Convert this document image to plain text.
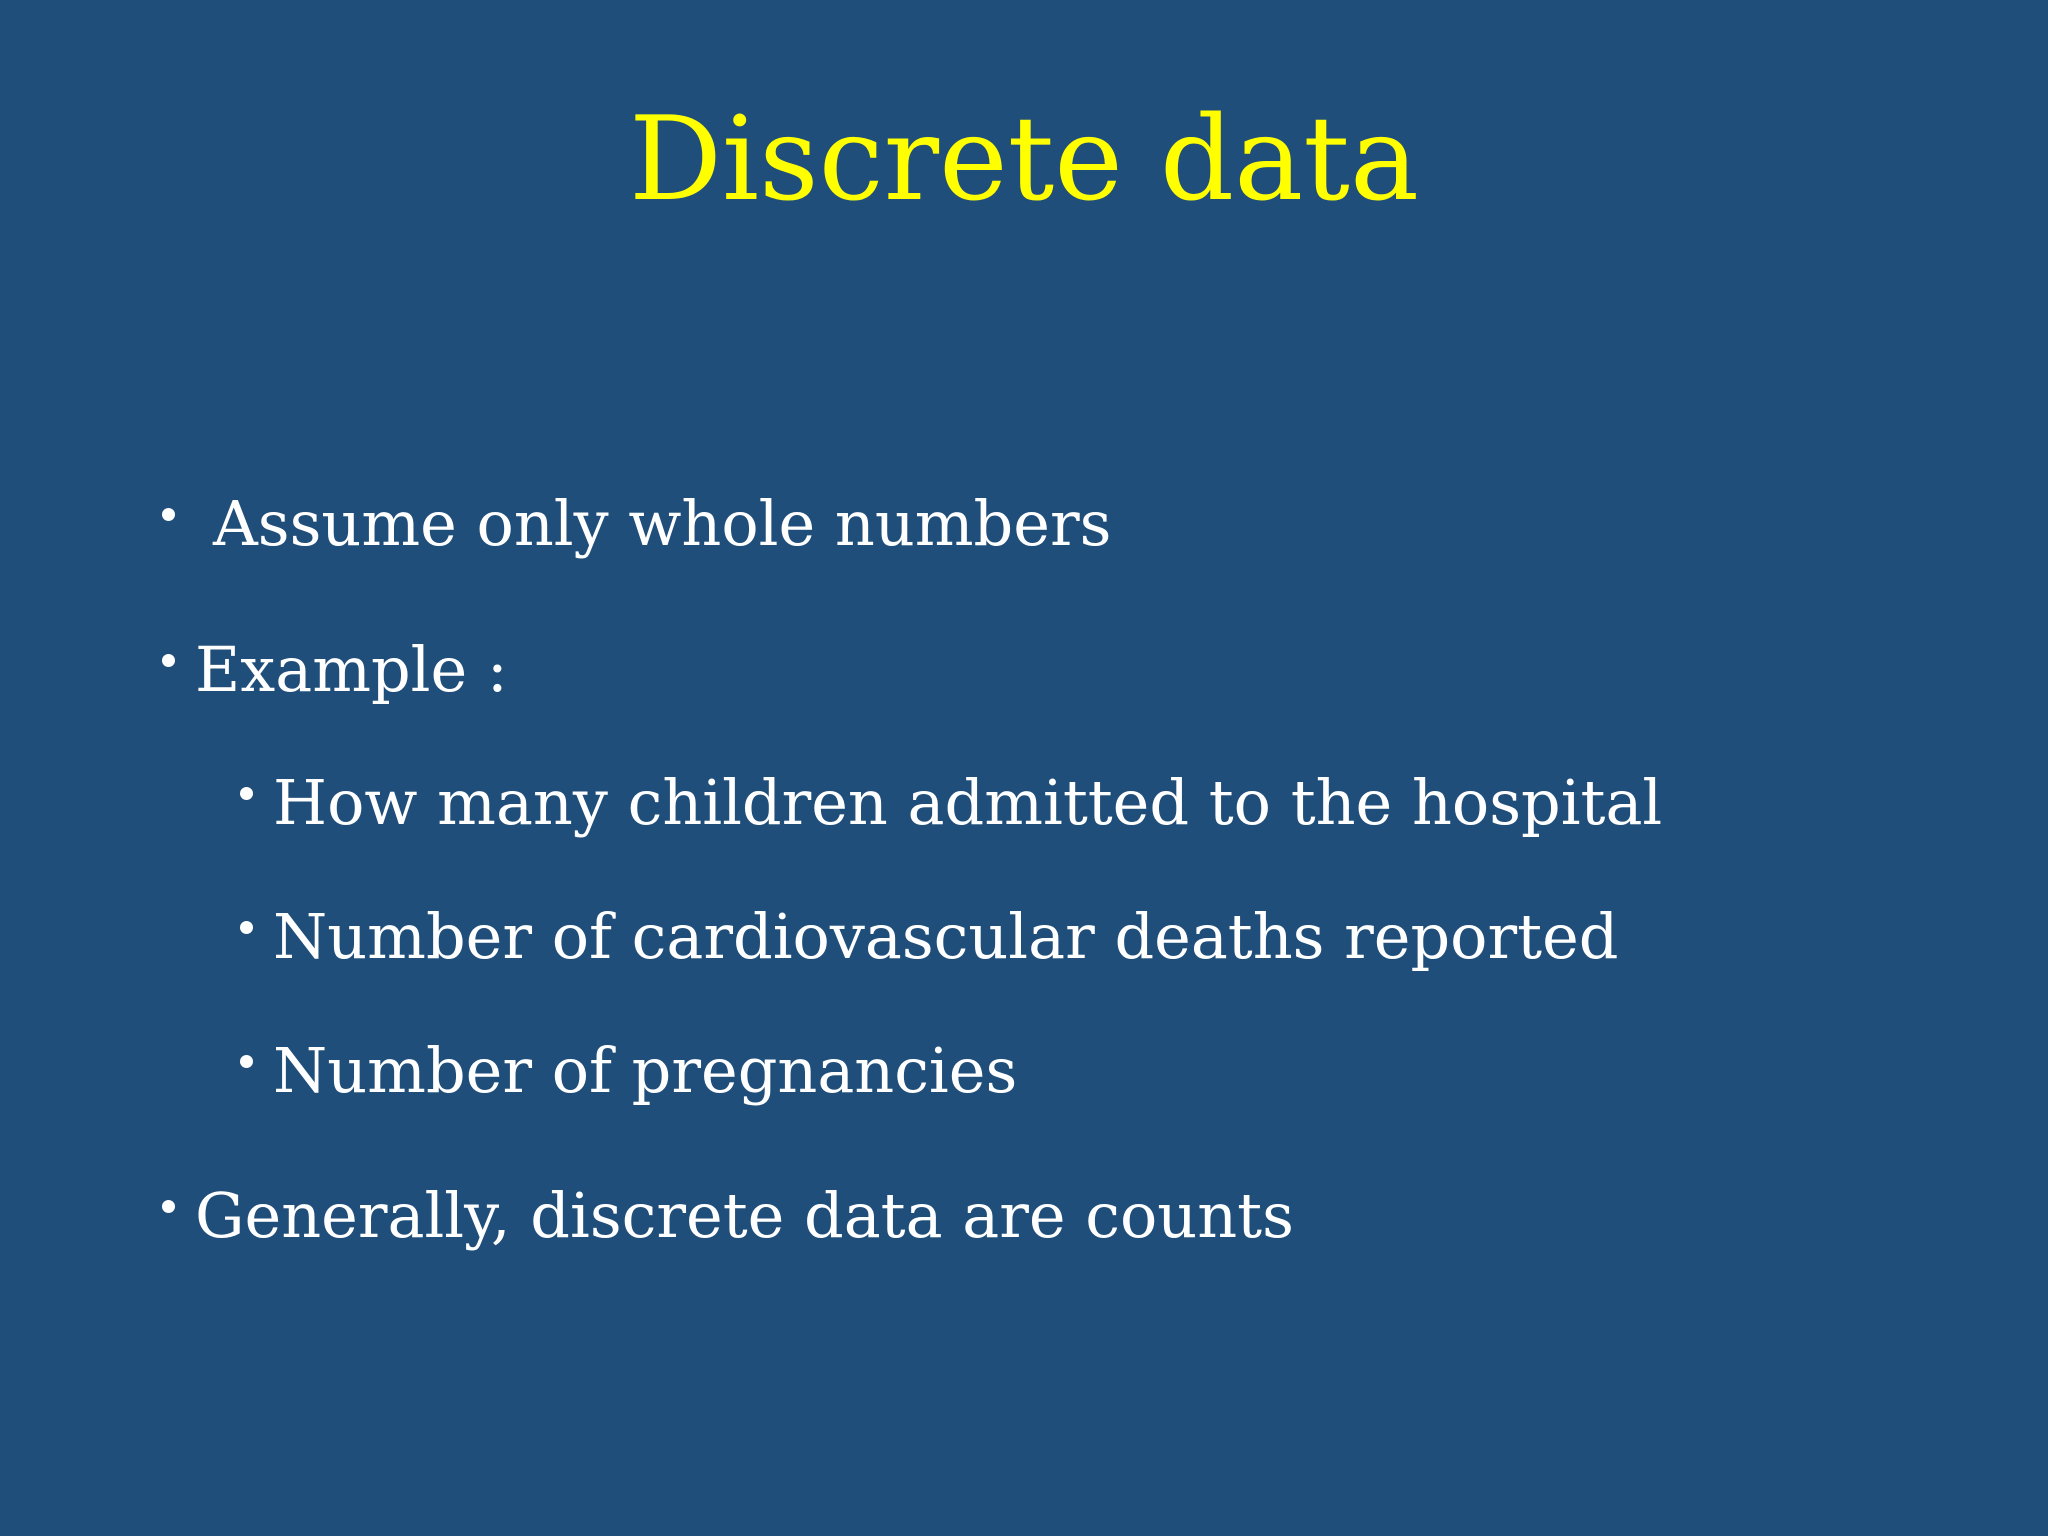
Discrete data
Assume only whole numbers
Example :
How many children admitted to the hospital
Number of cardiovascular deaths reported
Number of pregnancies
Generally, discrete data are counts
